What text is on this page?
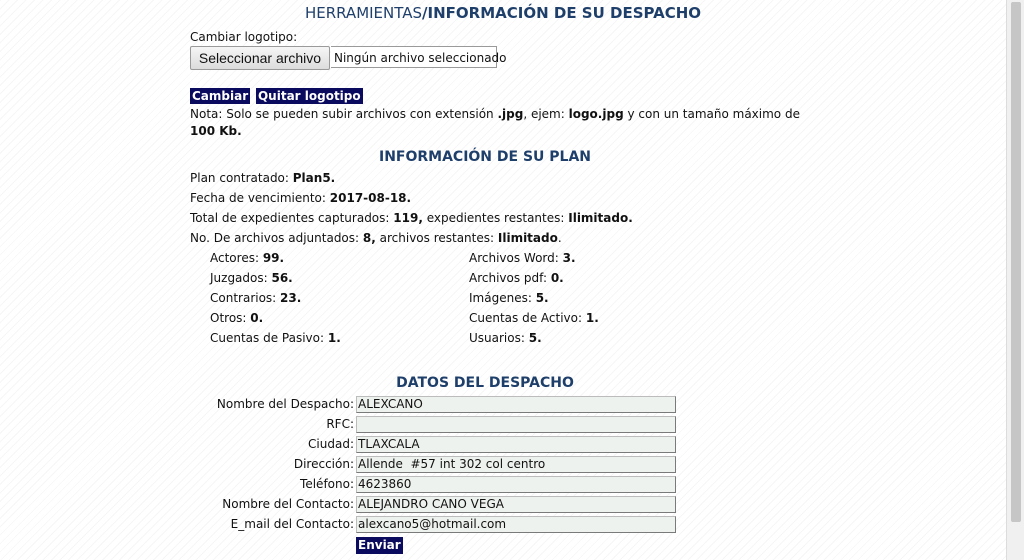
HERRAMIENTAS/INFORMACIÓN DE SU DESPACHO
Cambiar logotipo:
Seleccionar archivo	Ningún archivo seleccionado
Cambiar Quitar logotipo
Nota: Solo se pueden subir archivos con extensión .jpg, ejem: logo.jpg y con un tamaño máximo de
100 Kb.
INFORMACIÓN DE SU PLAN
Plan contratado: Plan5.
Fecha de vencimiento: 2017-08-18.
Total de expedientes capturados: 119, expedientes restantes: Ilimitado.
No. De archivos adjuntados: 8, archivos restantes: Ilimitado.
Actores: 99.
Juzgados: 56.
Contrarios: 23.
Otros: 0.
Cuentas de Pasivo: 1.
Archivos Word: 3.
Archivos pdf: 0.
Imágenes: 5.
Cuentas de Activo: 1.
Usuarios: 5.
DATOS DEL DESPACHO
Nombre del Despacho: ALEXCANO
RFC:
Ciudad: TLAXCALA
Dirección: Allende  #57 int 302 col centro
Teléfono: 4623860
Nombre del Contacto: ALEJANDRO CANO VEGA
E_mail del Contacto: alexcano5@hotmail.com
Enviar
